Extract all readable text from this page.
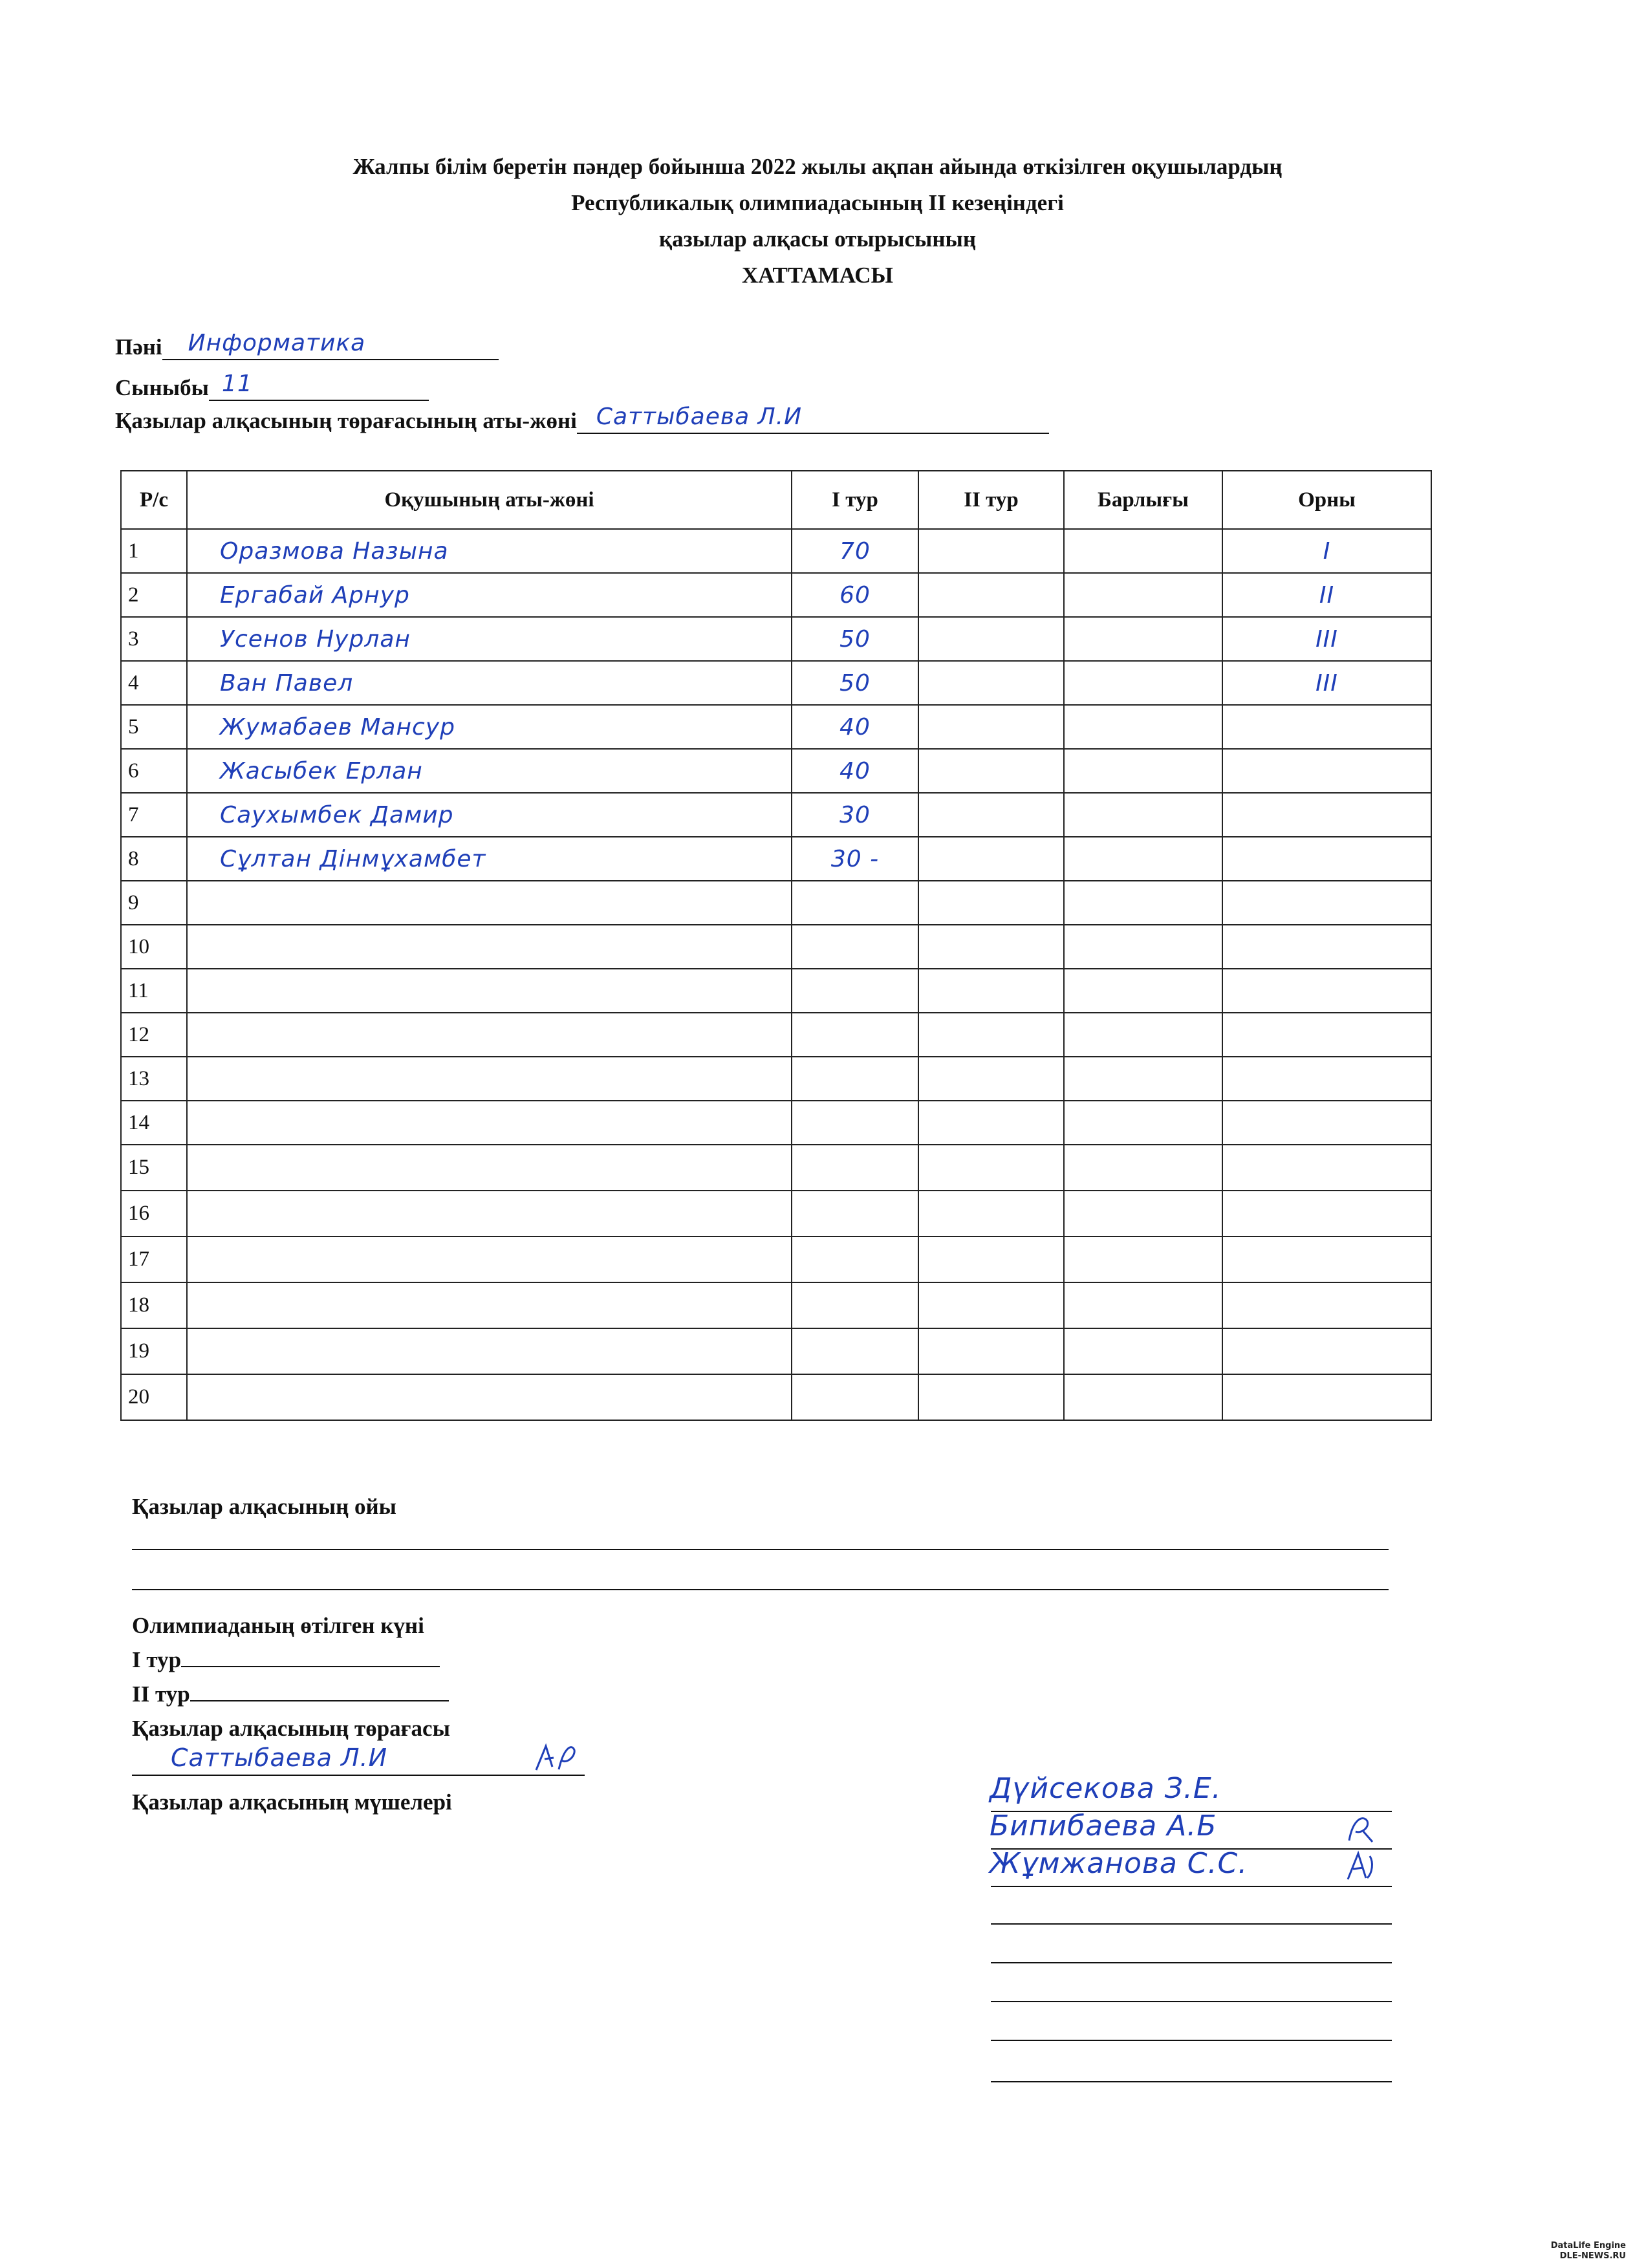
Жалпы білім беретін пәндер бойынша 2022 жылы ақпан айында өткізілген оқушылардың
Республикалық олимпиадасының II кезеңіндегі
қазылар алқасы отырысының
ХАТТАМАСЫ
Пәні Информатика
Сыныбы 11
Қазылар алқасының төрағасының аты-жөні Саттыбаева Л.И
Р/с	Оқушының аты-жөні	I тур	II тур	Барлығы	Орны
1	Оразмова Назына	70			I
2	Ергабай Арнур	60			II
3	Усенов Нурлан	50			III
4	Ван Павел	50			III
5	Жумабаев Мансур	40			
6	Жасыбек Ерлан	40			
7	Саухымбек Дамир	30			
8	Сұлтан Дінмұхамбет	30 -			
9					
10					
11					
12					
13					
14					
15					
16					
17					
18					
19					
20					
Қазылар алқасының ойы
Олимпиаданың өтілген күні
I тур
II тур
Қазылар алқасының төрағасы
Саттыбаева Л.И
Қазылар алқасының мүшелері	Дүйсекова З.Е.
Бипибаева А.Б
Жұмжанова С.С.
DataLife Engine
DLE-NEWS.RU
